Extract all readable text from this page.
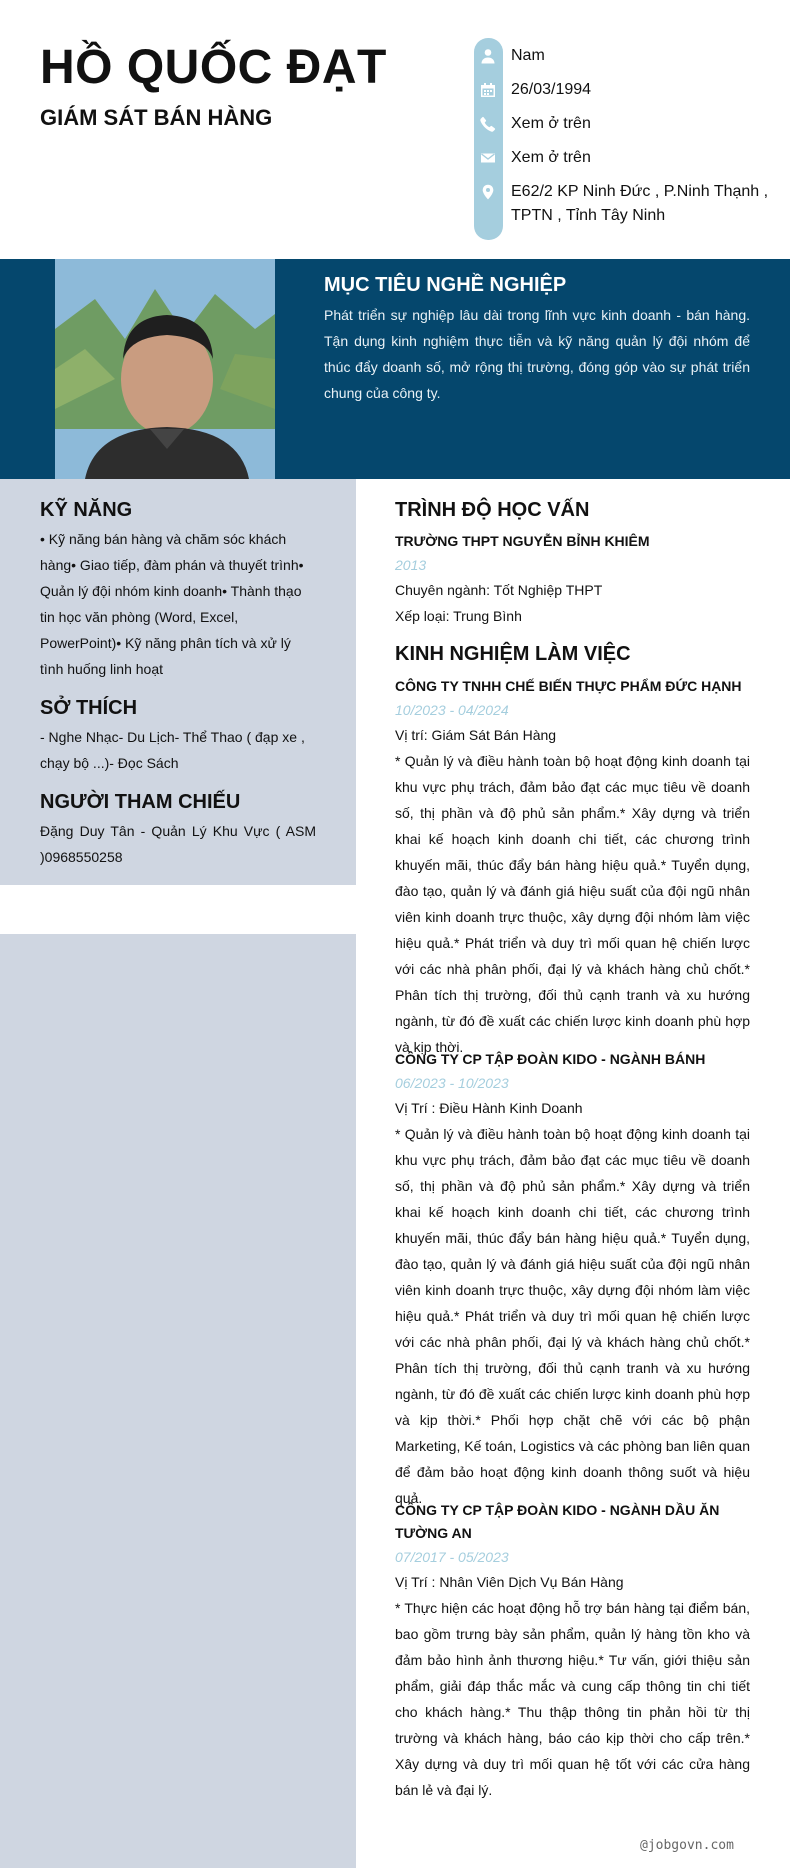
HỒ QUỐC ĐẠT
GIÁM SÁT BÁN HÀNG
Nam
26/03/1994
Xem ở trên
Xem ở trên
E62/2 KP Ninh Đức , P.Ninh Thạnh , TPTN , Tỉnh Tây Ninh
MỤC TIÊU NGHỀ NGHIỆP
Phát triển sự nghiệp lâu dài trong lĩnh vực kinh doanh - bán hàng. Tận dụng kinh nghiệm thực tiễn và kỹ năng quản lý đội nhóm để thúc đẩy doanh số, mở rộng thị trường, đóng góp vào sự phát triển chung của công ty.
KỸ NĂNG
• Kỹ năng bán hàng và chăm sóc khách hàng• Giao tiếp, đàm phán và thuyết trình• Quản lý đội nhóm kinh doanh• Thành thạo tin học văn phòng (Word, Excel, PowerPoint)• Kỹ năng phân tích và xử lý tình huống linh hoạt
SỞ THÍCH
- Nghe Nhạc- Du Lịch- Thể Thao ( đạp xe , chạy bộ ...)- Đọc Sách
NGƯỜI THAM CHIẾU
Đặng Duy Tân - Quản Lý Khu Vực ( ASM )0968550258
TRÌNH ĐỘ HỌC VẤN
TRƯỜNG THPT NGUYỄN BỈNH KHIÊM
2013
Chuyên ngành: Tốt Nghiệp THPT
Xếp loại: Trung Bình
KINH NGHIỆM LÀM VIỆC
CÔNG TY TNHH CHẾ BIẾN THỰC PHẨM ĐỨC HẠNH
10/2023 - 04/2024
Vị trí: Giám Sát Bán Hàng
* Quản lý và điều hành toàn bộ hoạt động kinh doanh tại khu vực phụ trách, đảm bảo đạt các mục tiêu về doanh số, thị phần và độ phủ sản phẩm.* Xây dựng và triển khai kế hoạch kinh doanh chi tiết, các chương trình khuyến mãi, thúc đẩy bán hàng hiệu quả.* Tuyển dụng, đào tạo, quản lý và đánh giá hiệu suất của đội ngũ nhân viên kinh doanh trực thuộc, xây dựng đội nhóm làm việc hiệu quả.* Phát triển và duy trì mối quan hệ chiến lược với các nhà phân phối, đại lý và khách hàng chủ chốt.* Phân tích thị trường, đối thủ cạnh tranh và xu hướng ngành, từ đó đề xuất các chiến lược kinh doanh phù hợp và kịp thời.
CÔNG TY CP TẬP ĐOÀN KIDO - NGÀNH BÁNH
06/2023 - 10/2023
Vị Trí : Điều Hành Kinh Doanh
* Quản lý và điều hành toàn bộ hoạt động kinh doanh tại khu vực phụ trách, đảm bảo đạt các mục tiêu về doanh số, thị phần và độ phủ sản phẩm.* Xây dựng và triển khai kế hoạch kinh doanh chi tiết, các chương trình khuyến mãi, thúc đẩy bán hàng hiệu quả.* Tuyển dụng, đào tạo, quản lý và đánh giá hiệu suất của đội ngũ nhân viên kinh doanh trực thuộc, xây dựng đội nhóm làm việc hiệu quả.* Phát triển và duy trì mối quan hệ chiến lược với các nhà phân phối, đại lý và khách hàng chủ chốt.* Phân tích thị trường, đối thủ cạnh tranh và xu hướng ngành, từ đó đề xuất các chiến lược kinh doanh phù hợp và kịp thời.* Phối hợp chặt chẽ với các bộ phận Marketing, Kế toán, Logistics và các phòng ban liên quan để đảm bảo hoạt động kinh doanh thông suốt và hiệu quả.
CÔNG TY CP TẬP ĐOÀN KIDO - NGÀNH DẦU ĂN TƯỜNG AN
07/2017 - 05/2023
Vị Trí : Nhân Viên Dịch Vụ Bán Hàng
* Thực hiện các hoạt động hỗ trợ bán hàng tại điểm bán, bao gồm trưng bày sản phẩm, quản lý hàng tồn kho và đảm bảo hình ảnh thương hiệu.* Tư vấn, giới thiệu sản phẩm, giải đáp thắc mắc và cung cấp thông tin chi tiết cho khách hàng.* Thu thập thông tin phản hồi từ thị trường và khách hàng, báo cáo kịp thời cho cấp trên.* Xây dựng và duy trì mối quan hệ tốt với các cửa hàng bán lẻ và đại lý.
@jobgovn.com
